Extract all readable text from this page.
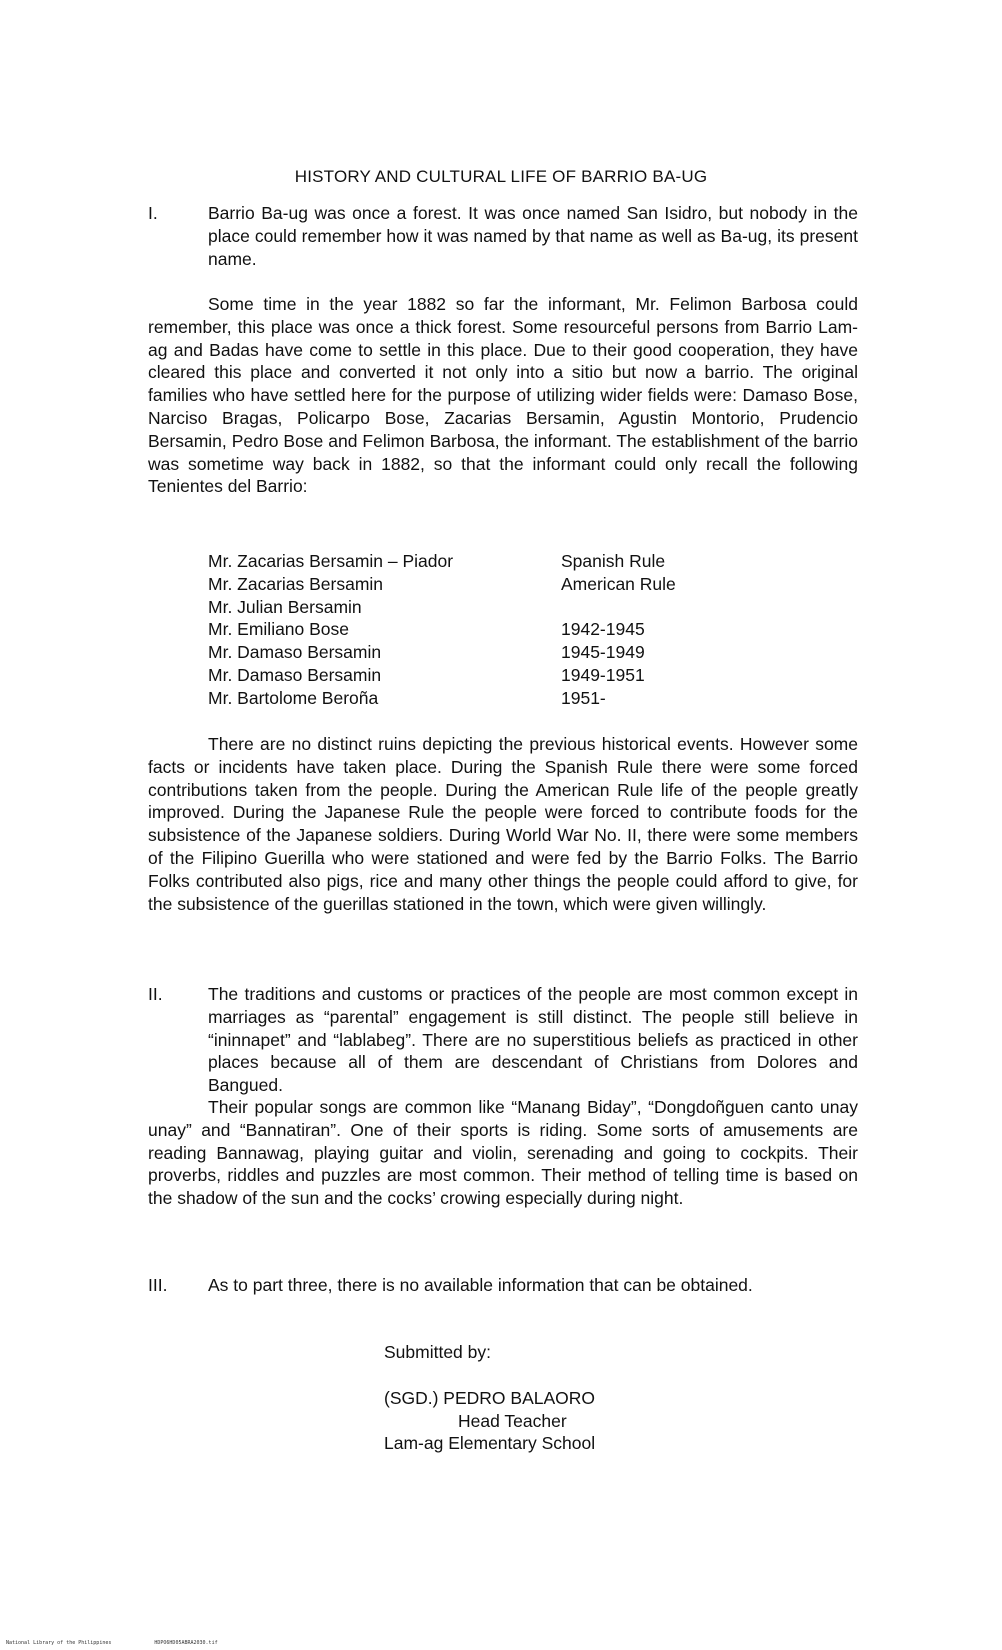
HISTORY AND CULTURAL LIFE OF BARRIO BA-UG
I.	Barrio Ba-ug was once a forest. It was once named San Isidro, but nobody in the place could remember how it was named by that name as well as Ba-ug, its present name.
Some time in the year 1882 so far the informant, Mr. Felimon Barbosa could remember, this place was once a thick forest. Some resourceful persons from Barrio Lam-ag and Badas have come to settle in this place. Due to their good cooperation, they have cleared this place and converted it not only into a sitio but now a barrio. The original families who have settled here for the purpose of utilizing wider fields were: Damaso Bose, Narciso Bragas, Policarpo Bose, Zacarias Bersamin, Agustin Montorio, Prudencio Bersamin, Pedro Bose and Felimon Barbosa, the informant. The establishment of the barrio was sometime way back in 1882, so that the informant could only recall the following Tenientes del Barrio:
Mr. Zacarias Bersamin – Piador	Spanish Rule
Mr. Zacarias Bersamin	American Rule
Mr. Julian Bersamin
Mr. Emiliano Bose	1942-1945
Mr. Damaso Bersamin	1945-1949
Mr. Damaso Bersamin	1949-1951
Mr. Bartolome Beroña	1951-
There are no distinct ruins depicting the previous historical events. However some facts or incidents have taken place. During the Spanish Rule there were some forced contributions taken from the people. During the American Rule life of the people greatly improved. During the Japanese Rule the people were forced to contribute foods for the subsistence of the Japanese soldiers. During World War No. II, there were some members of the Filipino Guerilla who were stationed and were fed by the Barrio Folks. The Barrio Folks contributed also pigs, rice and many other things the people could afford to give, for the subsistence of the guerillas stationed in the town, which were given willingly.
II.	The traditions and customs or practices of the people are most common except in marriages as “parental” engagement is still distinct. The people still believe in “ininnapet” and “lablabeg”. There are no superstitious beliefs as practiced in other places because all of them are descendant of Christians from Dolores and Bangued.
Their popular songs are common like “Manang Biday”, “Dongdoñguen canto unay unay” and “Bannatiran”. One of their sports is riding. Some sorts of amusements are reading Bannawag, playing guitar and violin, serenading and going to cockpits. Their proverbs, riddles and puzzles are most common. Their method of telling time is based on the shadow of the sun and the cocks’ crowing especially during night.
III.	As to part three, there is no available information that can be obtained.
Submitted by:
(SGD.) PEDRO BALAORO
Head Teacher
Lam-ag Elementary School
National Library of the Philippines	HDPO6HD05ABRA2030.tif
